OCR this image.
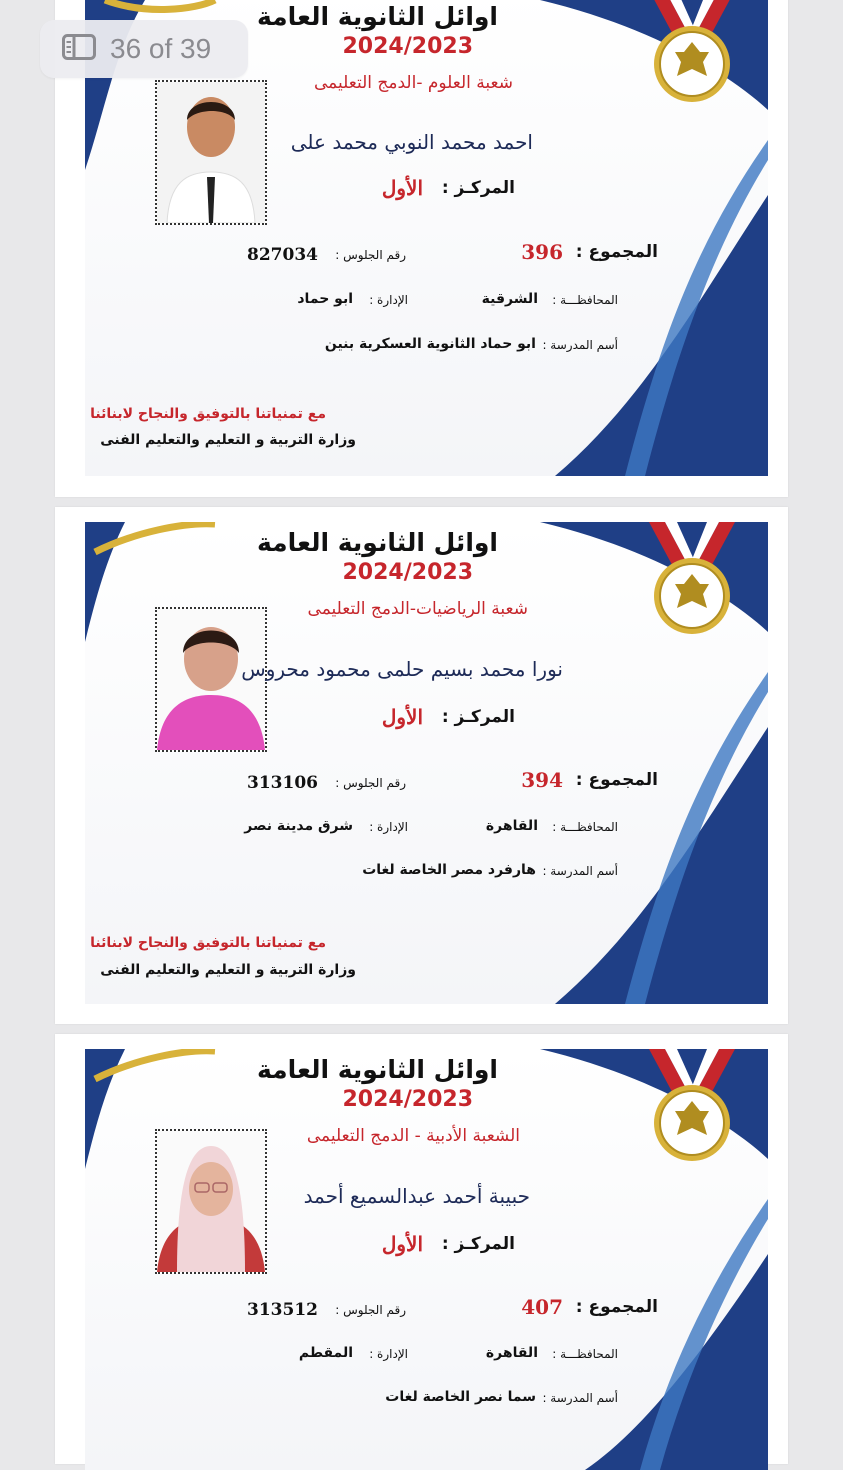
36 of 39
اوائل الثانوية العامة
2024/2023
شعبة العلوم -الدمج التعليمى
احمد محمد النوبي محمد على
المركـز :
الأول
المجموع :
396
رقم الجلوس :
827034
المحافظـــة :
الشرقية
الإدارة :
ابو حماد
أسم المدرسة :
ابو حماد الثانوية العسكرية بنين
مع تمنياتنا بالتوفيق والنجاح لابنائنا
وزارة التربية و التعليم والتعليم الفنى
اوائل الثانوية العامة
2024/2023
شعبة الرياضيات-الدمج التعليمى
نورا محمد بسيم حلمى محمود محروس
المركـز :
الأول
المجموع :
394
رقم الجلوس :
313106
المحافظـــة :
القاهرة
الإدارة :
شرق مدينة نصر
أسم المدرسة :
هارفرد مصر الخاصة لغات
مع تمنياتنا بالتوفيق والنجاح لابنائنا
وزارة التربية و التعليم والتعليم الفنى
اوائل الثانوية العامة
2024/2023
الشعبة الأدبية - الدمج التعليمى
حبيبة أحمد عبدالسميع أحمد
المركـز :
الأول
المجموع :
407
رقم الجلوس :
313512
المحافظـــة :
القاهرة
الإدارة :
المقطم
أسم المدرسة :
سما نصر الخاصة لغات
